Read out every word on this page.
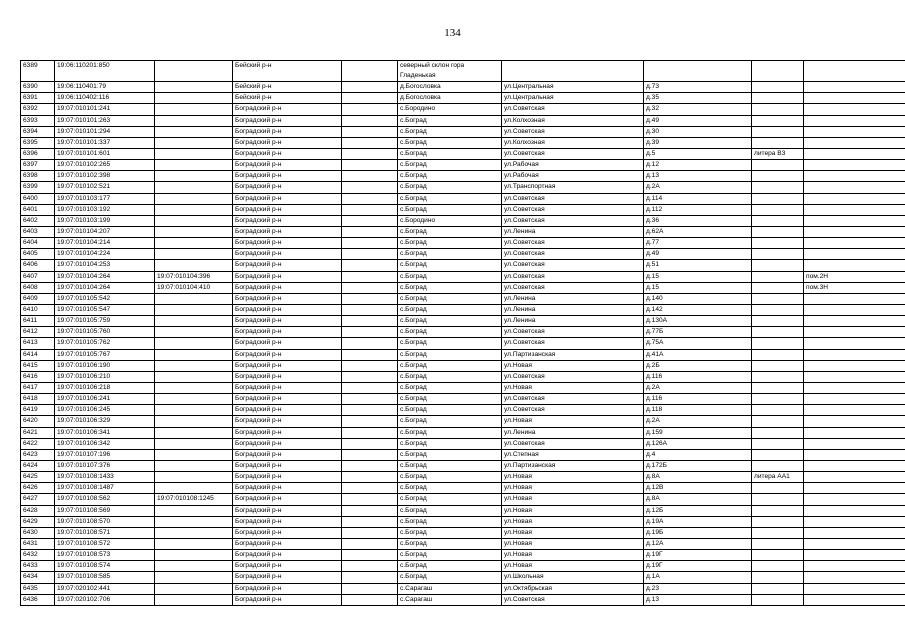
134
6389	19:06:110201:850		Бейский р-н		северный склон гора Гладенькая				
6390	19:06:110401:79		Бейский р-н		д.Богословка	ул.Центральная	д.73		
6391	19:06:110402:116		Бейский р-н		д.Богословка	ул.Центральная	д.35		
6392	19:07:010101:241		Боградский р-н		с.Бородино	ул.Советская	д.32		
6393	19:07:010101:263		Боградский р-н		с.Боград	ул.Колхозная	д.49		
6394	19:07:010101:294		Боградский р-н		с.Боград	ул.Советская	д.30		
6395	19:07:010101:337		Боградский р-н		с.Боград	ул.Колхозная	д.39		
6396	19:07:010101:601		Боградский р-н		с.Боград	ул.Советская	д.5	литера В3	
6397	19:07:010102:265		Боградский р-н		с.Боград	ул.Рабочая	д.12		
6398	19:07:010102:398		Боградский р-н		с.Боград	ул.Рабочая	д.13		
6399	19:07:010102:521		Боградский р-н		с.Боград	ул.Транспортная	д.2А		
6400	19:07:010103:177		Боградский р-н		с.Боград	ул.Советская	д.114		
6401	19:07:010103:192		Боградский р-н		с.Боград	ул.Советская	д.112		
6402	19:07:010103:199		Боградский р-н		с.Бородино	ул.Советская	д.36		
6403	19:07:010104:207		Боградский р-н		с.Боград	ул.Ленина	д.62А		
6404	19:07:010104:214		Боградский р-н		с.Боград	ул.Советская	д.77		
6405	19:07:010104:224		Боградский р-н		с.Боград	ул.Советская	д.49		
6406	19:07:010104:253		Боградский р-н		с.Боград	ул.Советская	д.51		
6407	19:07:010104:264	19:07:010104:396	Боградский р-н		с.Боград	ул.Советская	д.15		пом.2Н
6408	19:07:010104:264	19:07:010104:410	Боградский р-н		с.Боград	ул.Советская	д.15		пом.3Н
6409	19:07:010105:542		Боградский р-н		с.Боград	ул.Ленина	д.140		
6410	19:07:010105:547		Боградский р-н		с.Боград	ул.Ленина	д.142		
6411	19:07:010105:759		Боградский р-н		с.Боград	ул.Ленина	д.130А		
6412	19:07:010105:760		Боградский р-н		с.Боград	ул.Советская	д.77Б		
6413	19:07:010105:762		Боградский р-н		с.Боград	ул.Советская	д.75А		
6414	19:07:010105:767		Боградский р-н		с.Боград	ул.Партизанская	д.41А		
6415	19:07:010106:190		Боградский р-н		с.Боград	ул.Новая	д.2Б		
6416	19:07:010106:210		Боградский р-н		с.Боград	ул.Советская	д.116		
6417	19:07:010106:218		Боградский р-н		с.Боград	ул.Новая	д.2А		
6418	19:07:010106:241		Боградский р-н		с.Боград	ул.Советская	д.116		
6419	19:07:010106:245		Боградский р-н		с.Боград	ул.Советская	д.118		
6420	19:07:010106:329		Боградский р-н		с.Боград	ул.Новая	д.2А		
6421	19:07:010106:341		Боградский р-н		с.Боград	ул.Ленина	д.159		
6422	19:07:010106:342		Боградский р-н		с.Боград	ул.Советская	д.126А		
6423	19:07:010107:196		Боградский р-н		с.Боград	ул.Степная	д.4		
6424	19:07:010107:376		Боградский р-н		с.Боград	ул.Партизанская	д.172Б		
6425	19:07:010108:1433		Боградский р-н		с.Боград	ул.Новая	д.8А	литера АА1	
6426	19:07:010108:1487		Боградский р-н		с.Боград	ул.Новая	д.12В		
6427	19:07:010108:562	19:07:010108:1245	Боградский р-н		с.Боград	ул.Новая	д.8А		
6428	19:07:010108:569		Боградский р-н		с.Боград	ул.Новая	д.12Б		
6429	19:07:010108:570		Боградский р-н		с.Боград	ул.Новая	д.19А		
6430	19:07:010108:571		Боградский р-н		с.Боград	ул.Новая	д.19Б		
6431	19:07:010108:572		Боградский р-н		с.Боград	ул.Новая	д.12А		
6432	19:07:010108:573		Боградский р-н		с.Боград	ул.Новая	д.19Г		
6433	19:07:010108:574		Боградский р-н		с.Боград	ул.Новая	д.19Г		
6434	19:07:010108:585		Боградский р-н		с.Боград	ул.Школьная	д.1А		
6435	19:07:020102:441		Боградский р-н		с.Сарагаш	ул.Октябрьская	д.23		
6436	19:07:020102:706		Боградский р-н		с.Сарагаш	ул.Советская	д.13		
